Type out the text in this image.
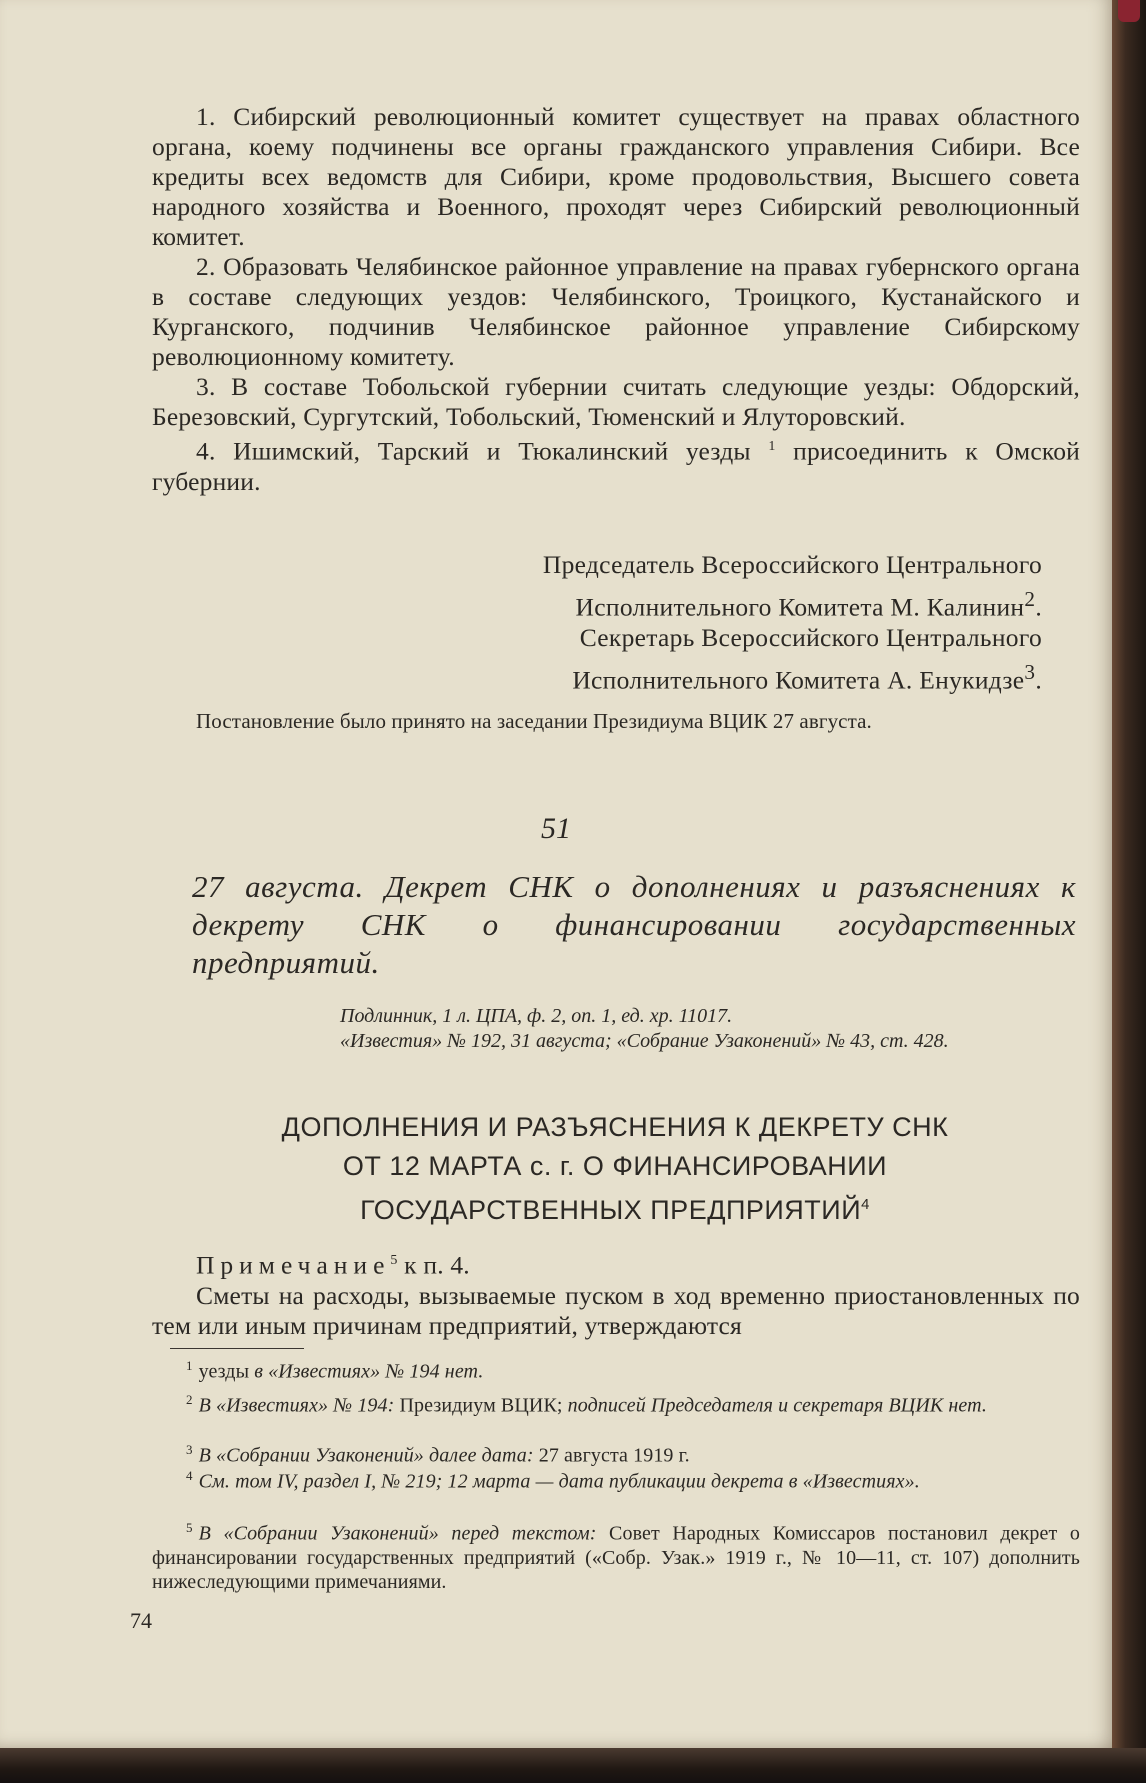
1. Сибирский революционный комитет существует на правах областного органа, коему подчинены все органы гражданского управления Сибири. Все кредиты всех ведомств для Сибири, кроме продовольствия, Высшего совета народного хозяйства и Военного, проходят через Сибирский революционный комитет.

2. Образовать Челябинское районное управление на правах губернского органа в составе следующих уездов: Челябинского, Троицкого, Кустанайского и Курганского, подчинив Челябинское районное управление Сибирскому революционному комитету.

3. В составе Тобольской губернии считать следующие уезды: Обдорский, Березовский, Сургутский, Тобольский, Тюменский и Ялуторовский.

4. Ишимский, Тарский и Тюкалинский уезды $^1$ присоединить к Омской губернии.

Председатель Всероссийского Центрального
Исполнительного Комитета М. Калинин$^2$.
Секретарь Всероссийского Центрального
Исполнительного Комитета А. Енукидзе$^3$.
Постановление было принято на заседании Президиума ВЦИК 27 августа.
51
27 августа. Декрет СНК о дополнениях и разъяснениях к декрету СНК о финансировании государственных предприятий.
Подлинник, 1 л. ЦПА, ф. 2, оп. 1, ед. хр. 11017.
«Известия» № 192, 31 августа; «Собрание Узаконений» № 43, ст. 428.
ДОПОЛНЕНИЯ И РАЗЪЯСНЕНИЯ К ДЕКРЕТУ СНК
ОТ 12 МАРТА с. г. О ФИНАНСИРОВАНИИ
ГОСУДАРСТВЕННЫХ ПРЕДПРИЯТИЙ$^4$

Примечание$^5$ к п. 4.

Сметы на расходы, вызываемые пуском в ход временно приостановленных по тем или иным причинам предприятий, утверждаются

$^1$ уезды в «Известиях» № 194 нет.
$^2$ В «Известиях» № 194: Президиум ВЦИК; подписей Председателя и секретаря ВЦИК нет.
$^3$ В «Собрании Узаконений» далее дата: 27 августа 1919 г.
$^4$ См. том IV, раздел I, № 219; 12 марта — дата публикации декрета в «Известиях».
$^5$ В «Собрании Узаконений» перед текстом: Совет Народных Комиссаров постановил декрет о финансировании государственных предприятий («Собр. Узак.» 1919 г., № 10—11, ст. 107) дополнить нижеследующими примечаниями.
74
